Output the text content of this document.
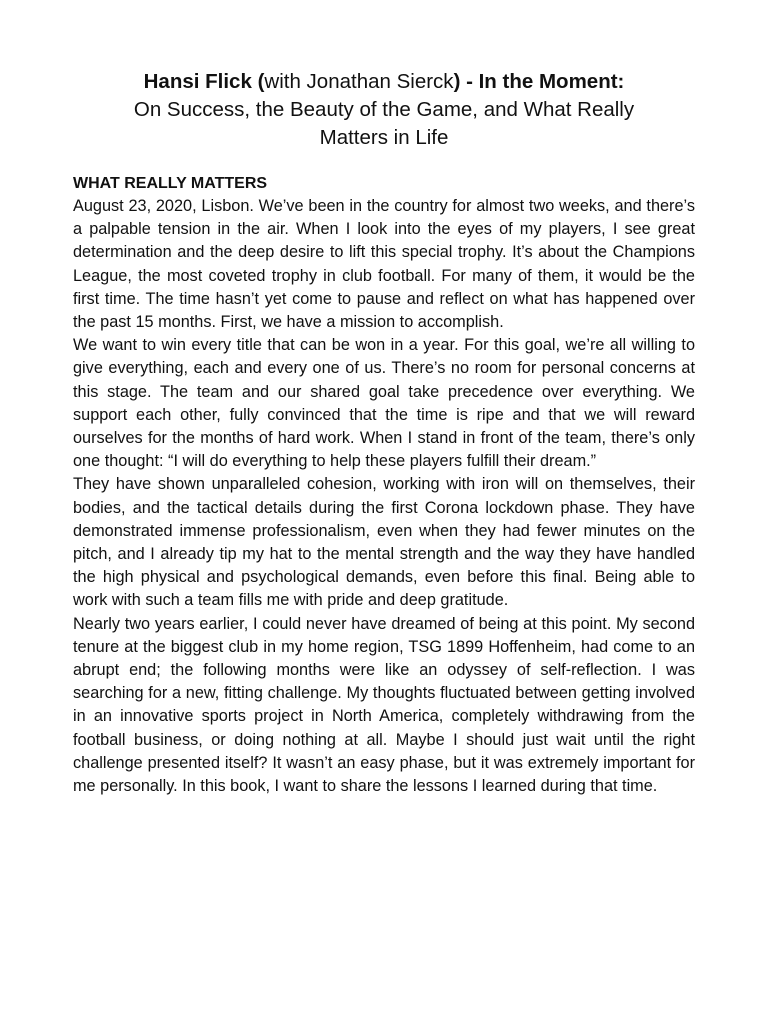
Hansi Flick (with Jonathan Sierck) - In the Moment:
On Success, the Beauty of the Game, and What Really
Matters in Life

WHAT REALLY MATTERS

August 23, 2020, Lisbon. We’ve been in the country for almost two weeks, and there’s a palpable tension in the air. When I look into the eyes of my players, I see great determination and the deep desire to lift this special trophy. It’s about the Champions League, the most coveted trophy in club football. For many of them, it would be the first time. The time hasn’t yet come to pause and reflect on what has happened over the past 15 months. First, we have a mission to accomplish.

We want to win every title that can be won in a year. For this goal, we’re all willing to give everything, each and every one of us. There’s no room for personal concerns at this stage. The team and our shared goal take precedence over everything. We support each other, fully convinced that the time is ripe and that we will reward ourselves for the months of hard work. When I stand in front of the team, there’s only one thought: “I will do everything to help these players fulfill their dream.”

They have shown unparalleled cohesion, working with iron will on themselves, their bodies, and the tactical details during the first Corona lockdown phase. They have demonstrated immense professionalism, even when they had fewer minutes on the pitch, and I already tip my hat to the mental strength and the way they have handled the high physical and psychological demands, even before this final. Being able to work with such a team fills me with pride and deep gratitude.

Nearly two years earlier, I could never have dreamed of being at this point. My second tenure at the biggest club in my home region, TSG 1899 Hoffenheim, had come to an abrupt end; the following months were like an odyssey of self-reflection. I was searching for a new, fitting challenge. My thoughts fluctuated between getting involved in an innovative sports project in North America, completely withdrawing from the football business, or doing nothing at all. Maybe I should just wait until the right challenge presented itself? It wasn’t an easy phase, but it was extremely important for me personally. In this book, I want to share the lessons I learned during that time.
